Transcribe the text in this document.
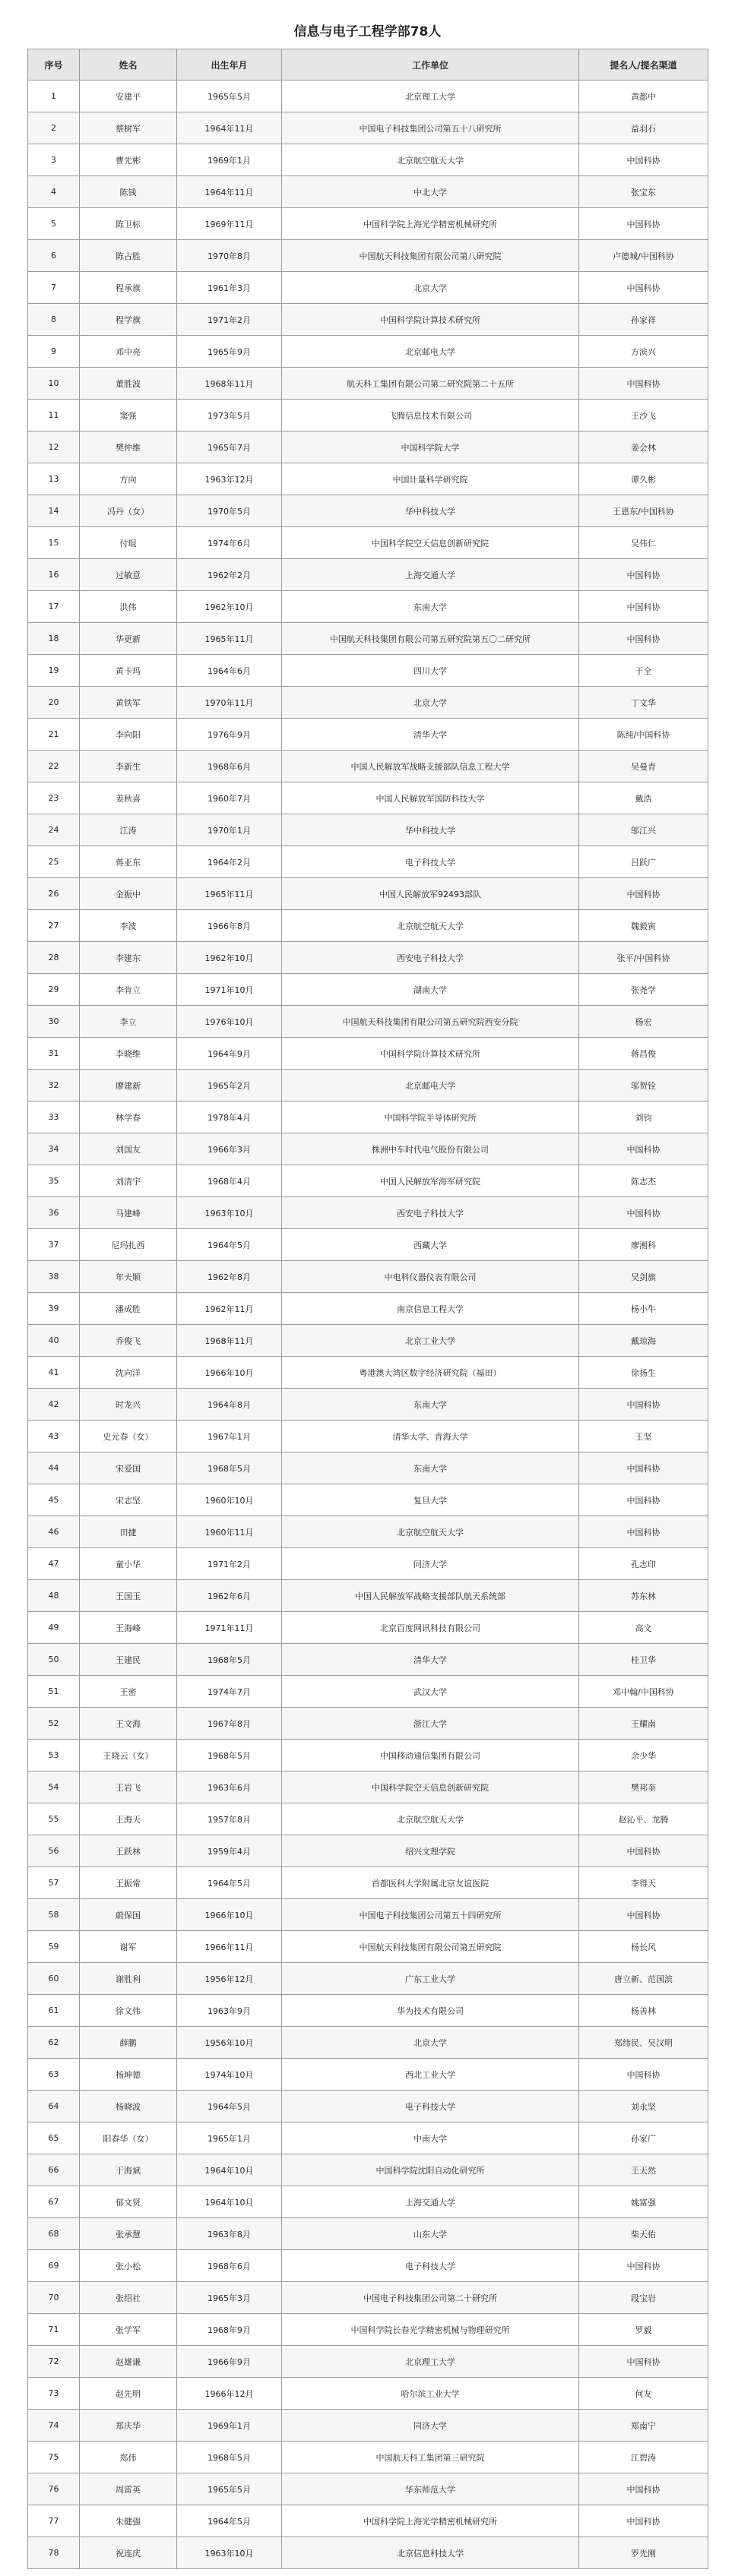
信息与电子工程学部78人
序号	姓名	出生年月	工作单位	提名人/提名渠道
1	安建平	1965年5月	北京理工大学	黄都中
2	蔡树军	1964年11月	中国电子科技集团公司第五十八研究所	益羽石
3	曹先彬	1969年1月	北京航空航天大学	中国科协
4	陈钱	1964年11月	中北大学	张宝东
5	陈卫标	1969年11月	中国科学院上海光学精密机械研究所	中国科协
6	陈占胜	1970年8月	中国航天科技集团有限公司第八研究院	卢德城/中国科协
7	程承旗	1961年3月	北京大学	中国科协
8	程学旗	1971年2月	中国科学院计算技术研究所	孙家祥
9	邓中亮	1965年9月	北京邮电大学	方滨兴
10	董胜波	1968年11月	航天科工集团有限公司第二研究院第二十五所	中国科协
11	窦强	1973年5月	飞腾信息技术有限公司	王沙飞
12	樊仲维	1965年7月	中国科学院大学	姜会林
13	方向	1963年12月	中国计量科学研究院	谭久彬
14	冯丹（女）	1970年5月	华中科技大学	王恩东/中国科协
15	付琨	1974年6月	中国科学院空天信息创新研究院	吴伟仁
16	过敏意	1962年2月	上海交通大学	中国科协
17	洪伟	1962年10月	东南大学	中国科协
18	华更新	1965年11月	中国航天科技集团有限公司第五研究院第五〇二研究所	中国科协
19	黄卡玛	1964年6月	四川大学	于全
20	黄铁军	1970年11月	北京大学	丁文华
21	李向阳	1976年9月	清华大学	陈纯/中国科协
22	李新生	1968年6月	中国人民解放军战略支援部队信息工程大学	吴曼青
23	姜秋喜	1960年7月	中国人民解放军国防科技大学	戴浩
24	江涛	1970年1月	华中科技大学	邬江兴
25	蒋亚东	1964年2月	电子科技大学	吕跃广
26	金振中	1965年11月	中国人民解放军92493部队	中国科协
27	李波	1966年8月	北京航空航天大学	魏毅寅
28	李建东	1962年10月	西安电子科技大学	张平/中国科协
29	李肯立	1971年10月	湖南大学	张尧学
30	李立	1976年10月	中国航天科技集团有限公司第五研究院西安分院	杨宏
31	李晓维	1964年9月	中国科学院计算技术研究所	蒋昌俊
32	廖建新	1965年2月	北京邮电大学	邬贺铨
33	林学春	1978年4月	中国科学院半导体研究所	刘钧
34	刘国友	1966年3月	株洲中车时代电气股份有限公司	中国科协
35	刘清宇	1968年4月	中国人民解放军海军研究院	陈志杰
36	马建峰	1963年10月	西安电子科技大学	中国科协
37	尼玛扎西	1964年5月	西藏大学	廖湘科
38	年夫顺	1962年8月	中电科仪器仪表有限公司	吴剑旗
39	潘成胜	1962年11月	南京信息工程大学	杨小牛
40	乔俊飞	1968年11月	北京工业大学	戴琼海
41	沈向洋	1966年10月	粤港澳大湾区数字经济研究院（福田）	徐扬生
42	时龙兴	1964年8月	东南大学	中国科协
43	史元春（女）	1967年1月	清华大学、青海大学	王坚
44	宋爱国	1968年5月	东南大学	中国科协
45	宋志坚	1960年10月	复旦大学	中国科协
46	田捷	1960年11月	北京航空航天大学	中国科协
47	童小华	1971年2月	同济大学	孔志印
48	王国玉	1962年6月	中国人民解放军战略支援部队航天系统部	苏东林
49	王海峰	1971年11月	北京百度网讯科技有限公司	高文
50	王建民	1968年5月	清华大学	桂卫华
51	王密	1974年7月	武汉大学	邓中翰/中国科协
52	王文海	1967年8月	浙江大学	王耀南
53	王晓云（女）	1968年5月	中国移动通信集团有限公司	余少华
54	王岩飞	1963年6月	中国科学院空天信息创新研究院	樊邦奎
55	王海天	1957年8月	北京航空航天大学	赵沁平、龙腾
56	王跃林	1959年4月	绍兴文理学院	中国科协
57	王振常	1964年5月	首都医科大学附属北京友谊医院	李得天
58	蔚保国	1966年10月	中国电子科技集团公司第五十四研究所	中国科协
59	谢军	1966年11月	中国航天科技集团有限公司第五研究院	杨长风
60	谢胜利	1956年12月	广东工业大学	唐立新、范国滨
61	徐文伟	1963年9月	华为技术有限公司	杨善林
62	薛鹏	1956年10月	北京大学	郑纬民、吴汉明
63	杨坤德	1974年10月	西北工业大学	中国科协
64	杨晓波	1964年5月	电子科技大学	刘永坚
65	阳春华（女）	1965年1月	中南大学	孙家广
66	于海斌	1964年10月	中国科学院沈阳自动化研究所	王天然
67	郁文贤	1964年10月	上海交通大学	姚富强
68	张承慧	1963年8月	山东大学	柴天佑
69	张小松	1968年6月	电子科技大学	中国科协
70	张绍社	1965年3月	中国电子科技集团公司第二十研究所	段宝岩
71	张学军	1968年9月	中国科学院长春光学精密机械与物理研究所	罗毅
72	赵雄谦	1966年9月	北京理工大学	中国科协
73	赵先明	1966年12月	哈尔滨工业大学	何友
74	郑庆华	1969年1月	同济大学	郑南宁
75	郑伟	1968年5月	中国航天科工集团第三研究院	江碧涛
76	周雷英	1965年5月	华东师范大学	中国科协
77	朱健强	1964年5月	中国科学院上海光学精密机械研究所	中国科协
78	祝连庆	1963年10月	北京信息科技大学	罗先刚
